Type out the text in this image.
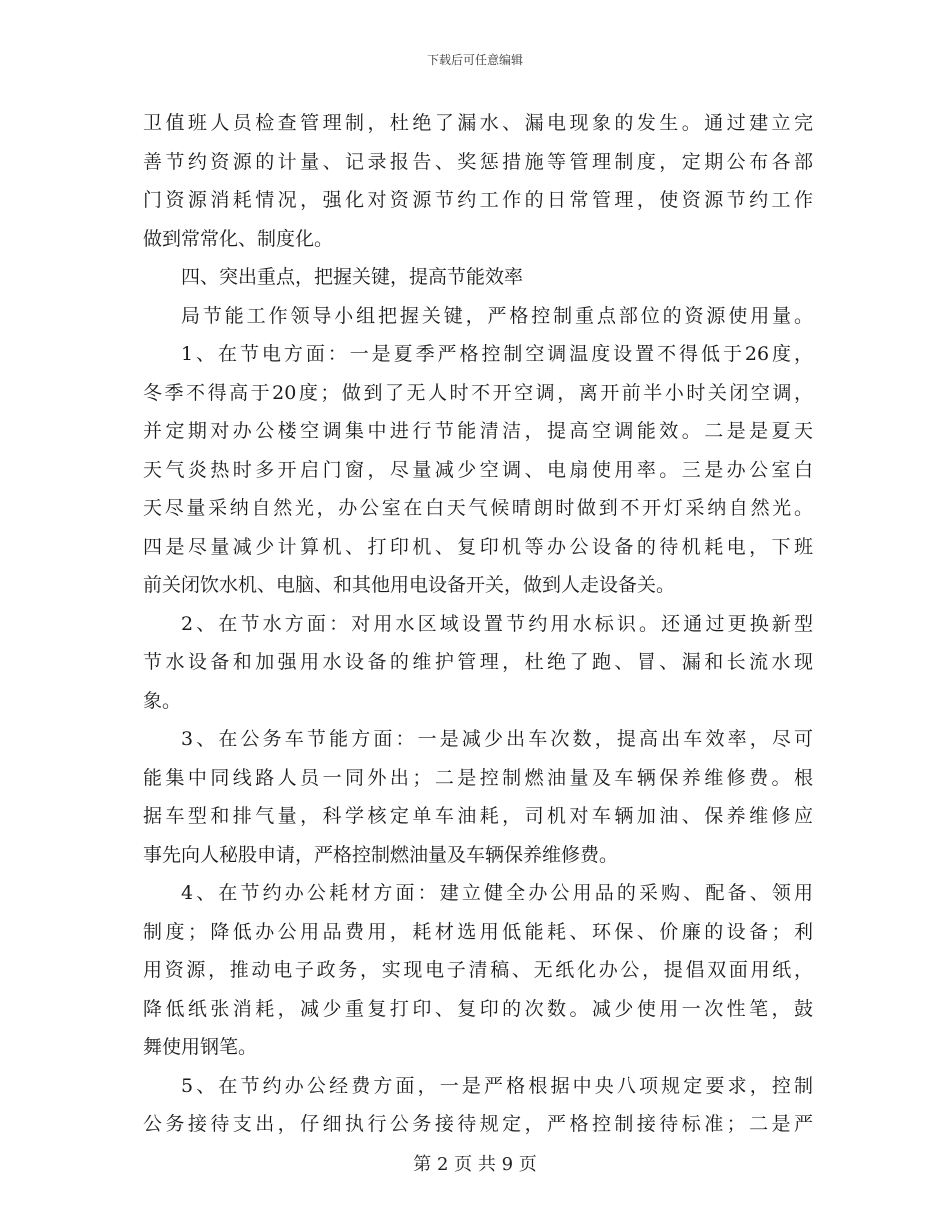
下载后可任意编辑
卫值班人员检查管理制，杜绝了漏水、漏电现象的发生。通过建立完
善节约资源的计量、记录报告、奖惩措施等管理制度，定期公布各部
门资源消耗情况，强化对资源节约工作的日常管理，使资源节约工作
做到常常化、制度化。
四、突出重点，把握关键，提高节能效率
局节能工作领导小组把握关键，严格控制重点部位的资源使用量。
1、在节电方面：一是夏季严格控制空调温度设置不得低于26度，
冬季不得高于20度；做到了无人时不开空调，离开前半小时关闭空调，
并定期对办公楼空调集中进行节能清洁，提高空调能效。二是是夏天
天气炎热时多开启门窗，尽量减少空调、电扇使用率。三是办公室白
天尽量采纳自然光，办公室在白天气候晴朗时做到不开灯采纳自然光。
四是尽量减少计算机、打印机、复印机等办公设备的待机耗电，下班
前关闭饮水机、电脑、和其他用电设备开关，做到人走设备关。
2、在节水方面：对用水区域设置节约用水标识。还通过更换新型
节水设备和加强用水设备的维护管理，杜绝了跑、冒、漏和长流水现
象。
3、在公务车节能方面：一是减少出车次数，提高出车效率，尽可
能集中同线路人员一同外出；二是控制燃油量及车辆保养维修费。根
据车型和排气量，科学核定单车油耗，司机对车辆加油、保养维修应
事先向人秘股申请，严格控制燃油量及车辆保养维修费。
4、在节约办公耗材方面：建立健全办公用品的采购、配备、领用
制度；降低办公用品费用，耗材选用低能耗、环保、价廉的设备；利
用资源，推动电子政务，实现电子清稿、无纸化办公，提倡双面用纸，
降低纸张消耗，减少重复打印、复印的次数。减少使用一次性笔，鼓
舞使用钢笔。
5、在节约办公经费方面，一是严格根据中央八项规定要求，控制
公务接待支出，仔细执行公务接待规定，严格控制接待标准；二是严
第 2 页 共 9 页
